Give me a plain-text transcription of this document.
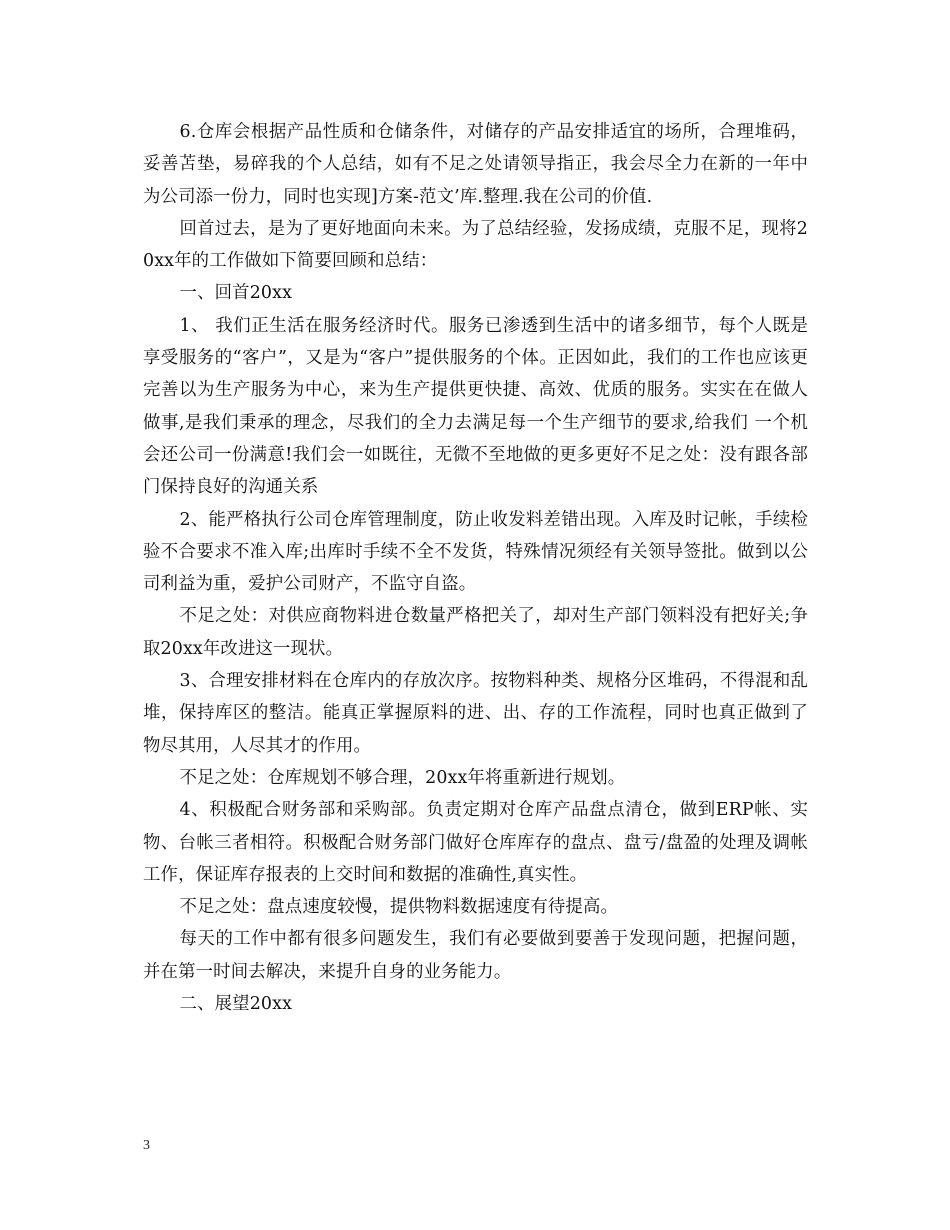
6.仓库会根据产品性质和仓储条件，对储存的产品安排适宜的场所，合理堆码，妥善苫垫，易碎我的个人总结，如有不足之处请领导指正，我会尽全力在新的一年中为公司添一份力，同时也实现]方案-范文’库.整理.我在公司的价值.

回首过去，是为了更好地面向未来。为了总结经验，发扬成绩，克服不足，现将20xx年的工作做如下简要回顾和总结：

一、回首20xx

1、 我们正生活在服务经济时代。服务已渗透到生活中的诸多细节，每个人既是享受服务的“客户”，又是为“客户”提供服务的个体。正因如此，我们的工作也应该更 完善以为生产服务为中心，来为生产提供更快捷、高效、优质的服务。实实在在做人做事,是我们秉承的理念，尽我们的全力去满足每一个生产细节的要求,给我们 一个机会还公司一份满意!我们会一如既往，无微不至地做的更多更好不足之处：没有跟各部门保持良好的沟通关系

2、能严格执行公司仓库管理制度，防止收发料差错出现。入库及时记帐，手续检验不合要求不准入库;出库时手续不全不发货，特殊情况须经有关领导签批。做到以公司利益为重，爱护公司财产，不监守自盗。

不足之处：对供应商物料进仓数量严格把关了，却对生产部门领料没有把好关;争取20xx年改进这一现状。

3、合理安排材料在仓库内的存放次序。按物料种类、规格分区堆码，不得混和乱堆，保持库区的整洁。能真正掌握原料的进、出、存的工作流程，同时也真正做到了物尽其用，人尽其才的作用。

不足之处：仓库规划不够合理，20xx年将重新进行规划。

4、积极配合财务部和采购部。负责定期对仓库产品盘点清仓，做到ERP帐、实物、台帐三者相符。积极配合财务部门做好仓库库存的盘点、盘亏/盘盈的处理及调帐工作，保证库存报表的上交时间和数据的准确性,真实性。

不足之处：盘点速度较慢，提供物料数据速度有待提高。

每天的工作中都有很多问题发生，我们有必要做到要善于发现问题，把握问题，并在第一时间去解决，来提升自身的业务能力。

二、展望20xx

3
